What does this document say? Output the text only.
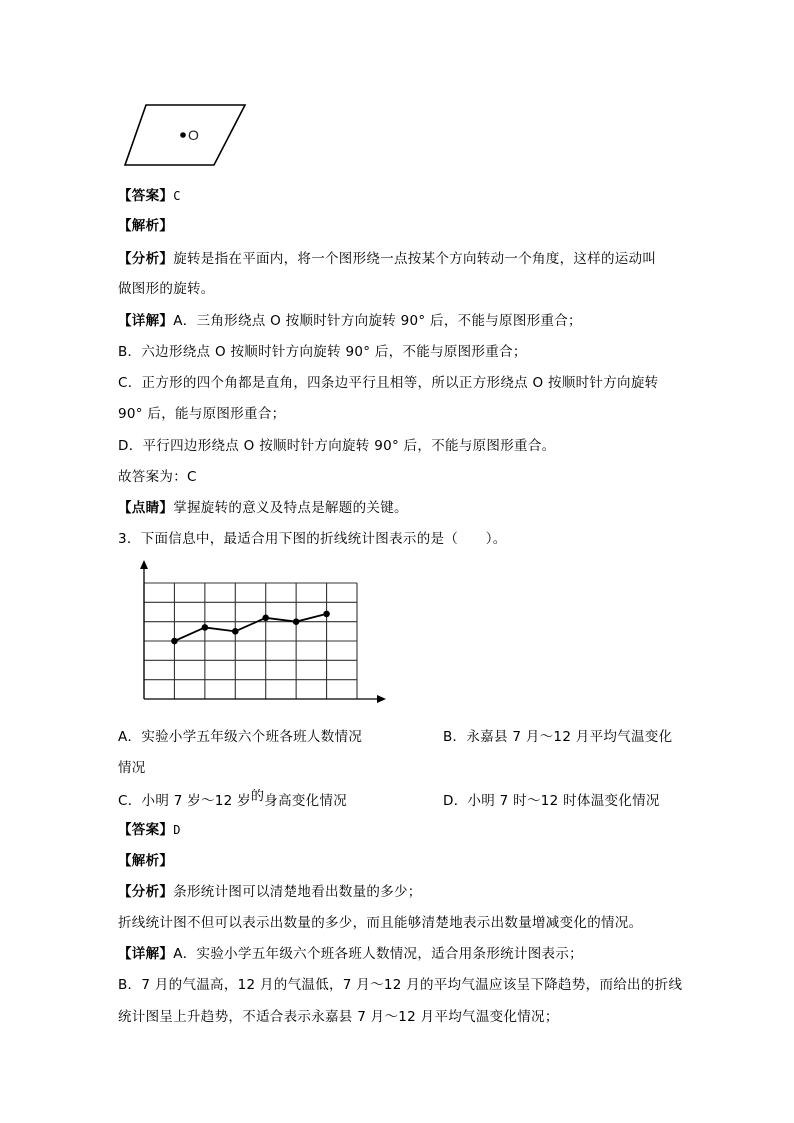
O
【答案】C
【解析】
【分析】旋转是指在平面内，将一个图形绕一点按某个方向转动一个角度，这样的运动叫
做图形的旋转。
【详解】A．三角形绕点 O 按顺时针方向旋转 90° 后，不能与原图形重合；
B．六边形绕点 O 按顺时针方向旋转 90° 后，不能与原图形重合；
C．正方形的四个角都是直角，四条边平行且相等，所以正方形绕点 O 按顺时针方向旋转
90° 后，能与原图形重合；
D．平行四边形绕点 O 按顺时针方向旋转 90° 后，不能与原图形重合。
故答案为：C
【点睛】掌握旋转的意义及特点是解题的关键。
3．下面信息中，最适合用下图的折线统计图表示的是（　　）。
A．实验小学五年级六个班各班人数情况	B．永嘉县 7 月～12 月平均气温变化
情况
C．小明 7 岁～12 岁的身高变化情况	D．小明 7 时～12 时体温变化情况
【答案】D
【解析】
【分析】条形统计图可以清楚地看出数量的多少；
折线统计图不但可以表示出数量的多少，而且能够清楚地表示出数量增减变化的情况。
【详解】A．实验小学五年级六个班各班人数情况，适合用条形统计图表示；
B．7 月的气温高，12 月的气温低，7 月～12 月的平均气温应该呈下降趋势，而给出的折线
统计图呈上升趋势，不适合表示永嘉县 7 月～12 月平均气温变化情况；
